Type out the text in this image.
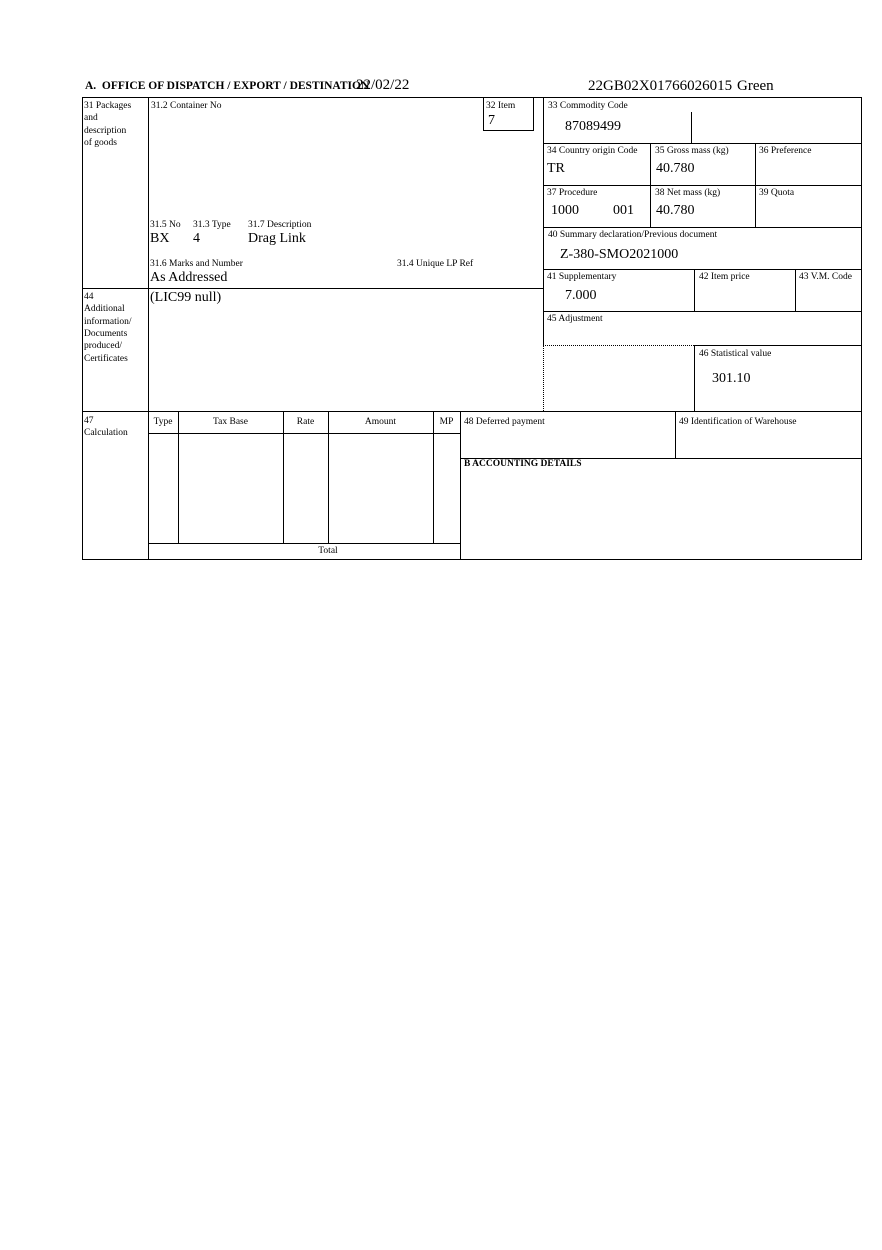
A.  OFFICE OF DISPATCH / EXPORT / DESTINATION
22/02/22	22GB02X01766026015 Green
31 Packages
and
description
of goods
31.2 Container No
31.5 No 31.3 Type 31.7 Description
BX 4	Drag Link
31.6 Marks and Number	31.4 Unique LP Ref
As Addressed
32 Item
7
33 Commodity Code
87089499
34 Country origin Code
TR
35 Gross mass (kg)
40.780
36 Preference
37 Procedure
1000 001
38 Net mass (kg)
40.780
39 Quota
40 Summary declaration/Previous document
Z-380-SMO2021000
41 Supplementary
7.000
42 Item price	43 V.M. Code
45 Adjustment
46 Statistical value
301.10
44
Additional
information/
Documents
produced/
Certificates
(LIC99 null)
47
Calculation
Type	Tax Base	Rate	Amount	MP
Total
48 Deferred payment	49 Identification of Warehouse
B ACCOUNTING DETAILS
